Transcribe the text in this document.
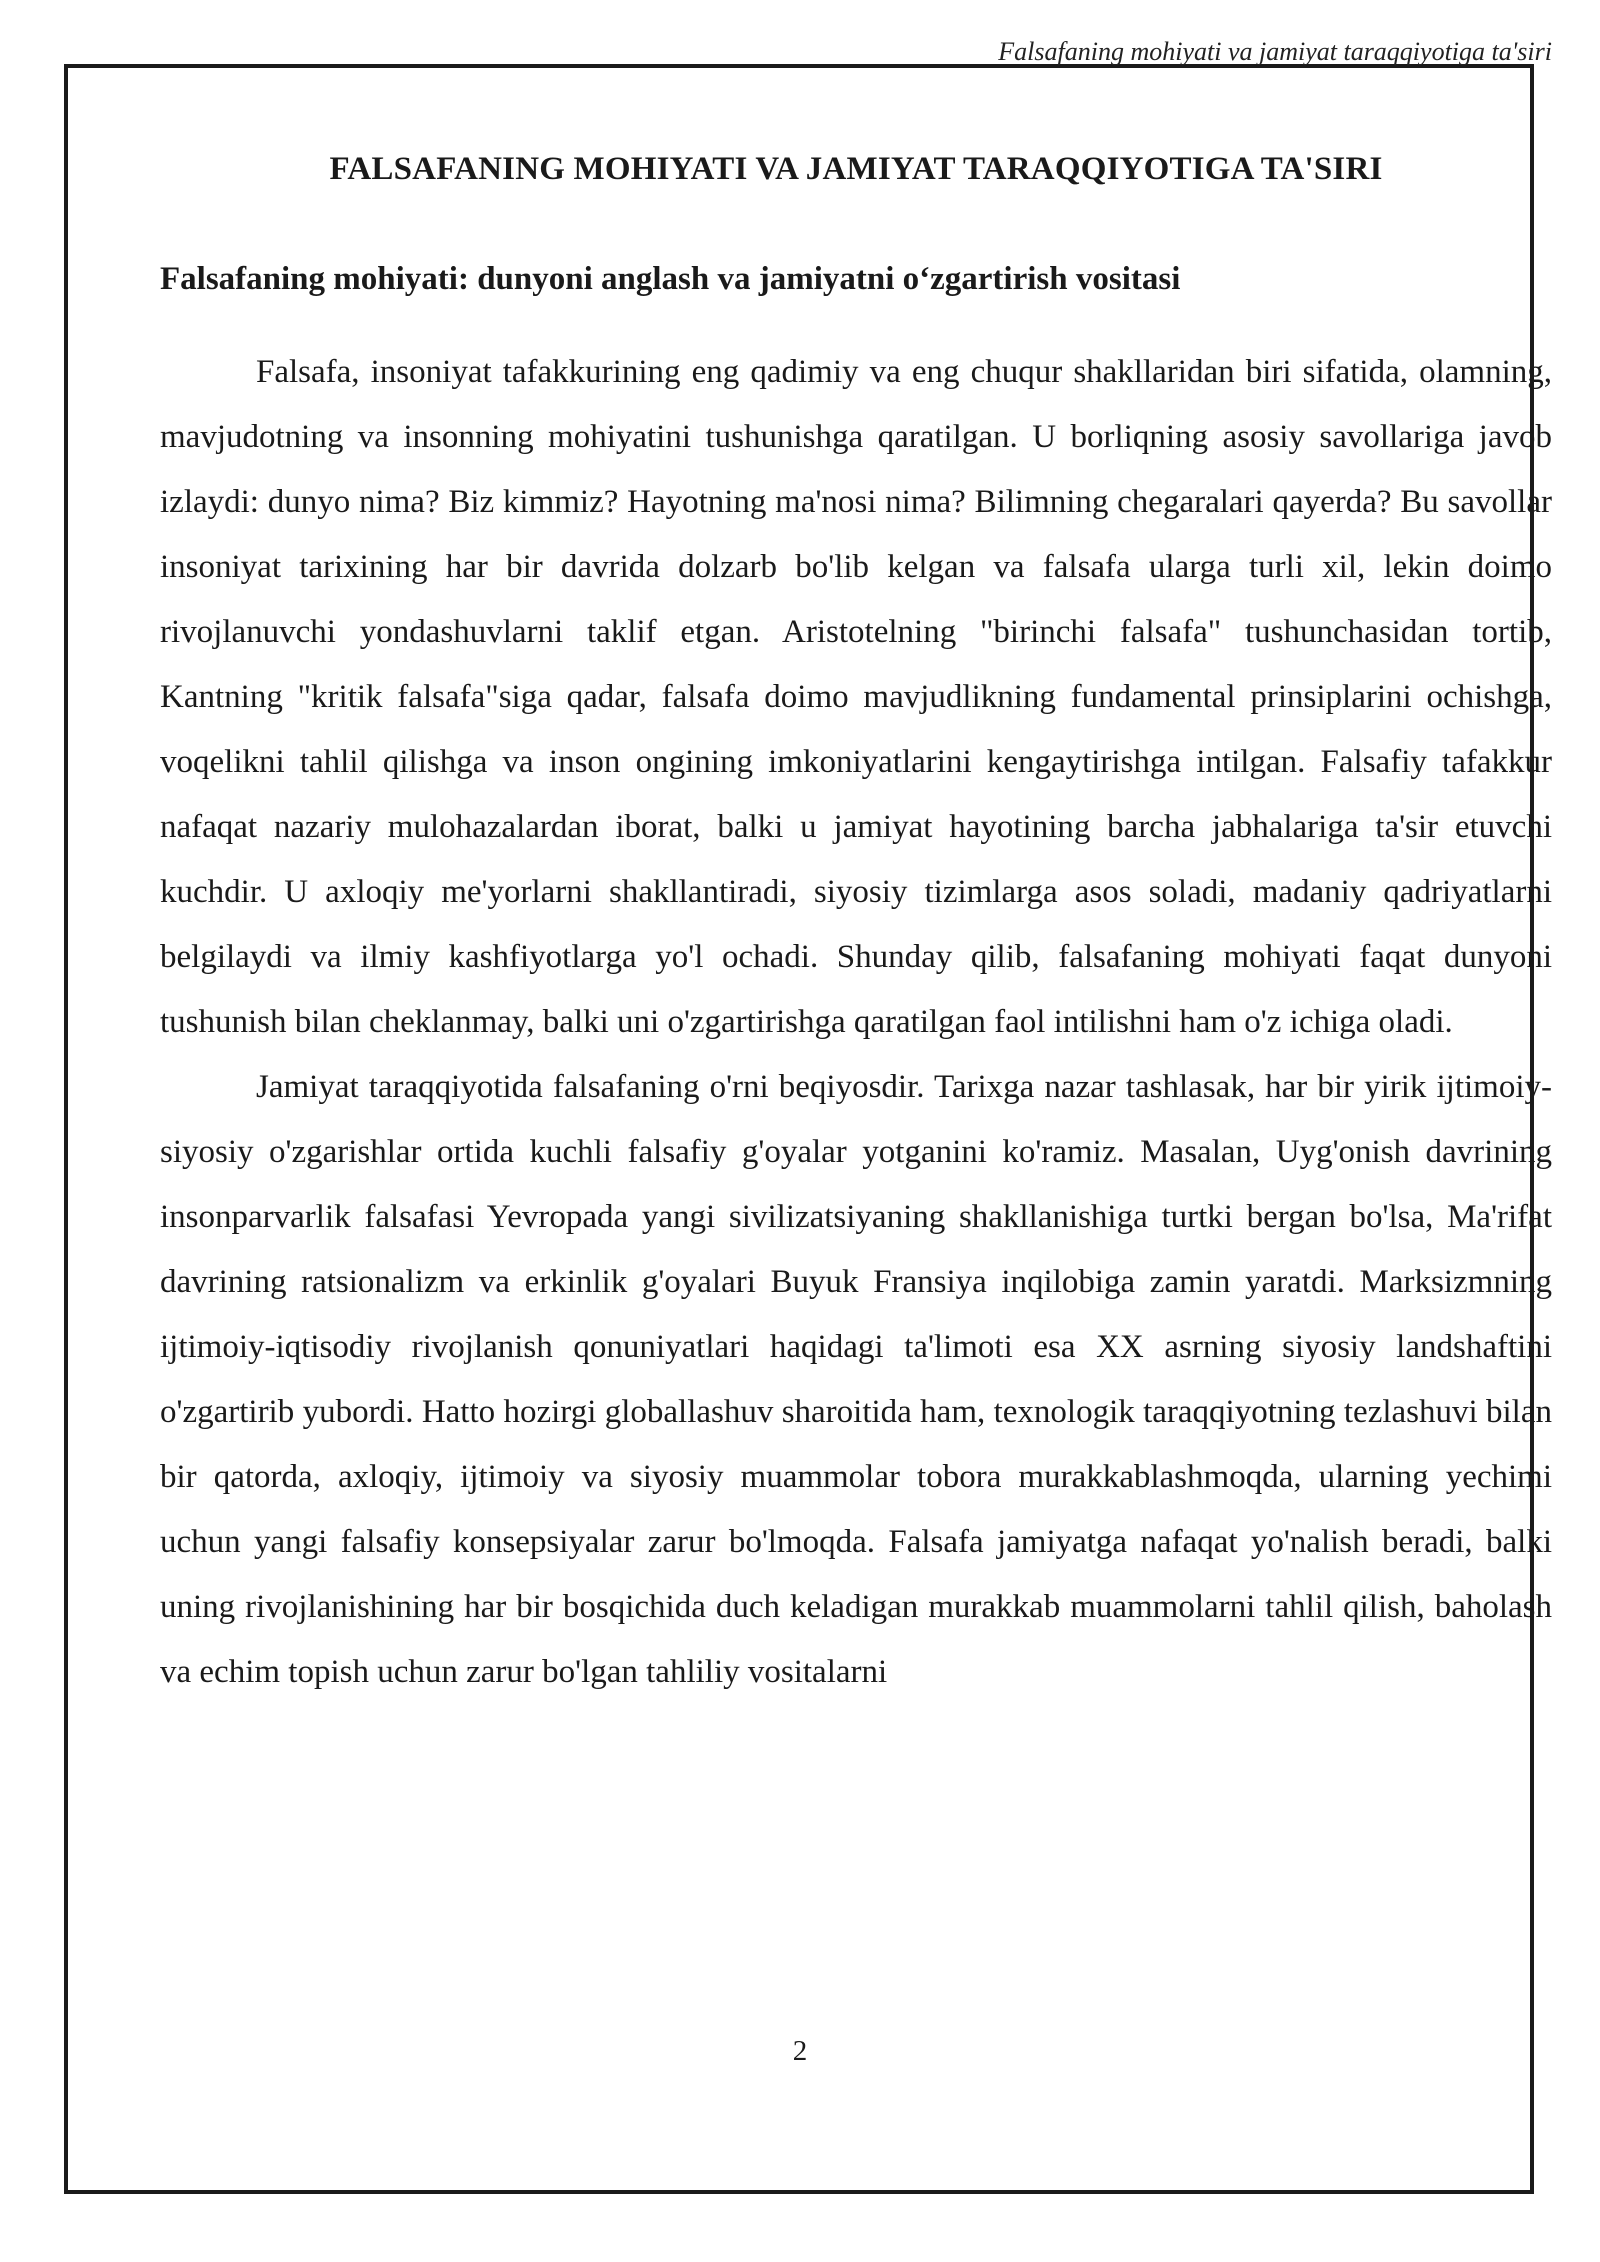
Falsafaning mohiyati va jamiyat taraqqiyotiga ta'siri
FALSAFANING MOHIYATI VA JAMIYAT TARAQQIYOTIGA TA'SIRI
Falsafaning mohiyati: dunyoni anglash va jamiyatni o‘zgartirish vositasi

Falsafa, insoniyat tafakkurining eng qadimiy va eng chuqur shakllaridan biri sifatida, olamning, mavjudotning va insonning mohiyatini tushunishga qaratilgan. U borliqning asosiy savollariga javob izlaydi: dunyo nima? Biz kimmiz? Hayotning ma'nosi nima? Bilimning chegaralari qayerda? Bu savollar insoniyat tarixining har bir davrida dolzarb bo'lib kelgan va falsafa ularga turli xil, lekin doimo rivojlanuvchi yondashuvlarni taklif etgan. Aristotelning "birinchi falsafa" tushunchasidan tortib, Kantning "kritik falsafa"siga qadar, falsafa doimo mavjudlikning fundamental prinsiplarini ochishga, voqelikni tahlil qilishga va inson ongining imkoniyatlarini kengaytirishga intilgan. Falsafiy tafakkur nafaqat nazariy mulohazalardan iborat, balki u jamiyat hayotining barcha jabhalariga ta'sir etuvchi kuchdir. U axloqiy me'yorlarni shakllantiradi, siyosiy tizimlarga asos soladi, madaniy qadriyatlarni belgilaydi va ilmiy kashfiyotlarga yo'l ochadi. Shunday qilib, falsafaning mohiyati faqat dunyoni tushunish bilan cheklanmay, balki uni o'zgartirishga qaratilgan faol intilishni ham o'z ichiga oladi.

Jamiyat taraqqiyotida falsafaning o'rni beqiyosdir. Tarixga nazar tashlasak, har bir yirik ijtimoiy-siyosiy o'zgarishlar ortida kuchli falsafiy g'oyalar yotganini ko'ramiz. Masalan, Uyg'onish davrining insonparvarlik falsafasi Yevropada yangi sivilizatsiyaning shakllanishiga turtki bergan bo'lsa, Ma'rifat davrining ratsionalizm va erkinlik g'oyalari Buyuk Fransiya inqilobiga zamin yaratdi. Marksizmning ijtimoiy-iqtisodiy rivojlanish qonuniyatlari haqidagi ta'limoti esa XX asrning siyosiy landshaftini o'zgartirib yubordi. Hatto hozirgi globallashuv sharoitida ham, texnologik taraqqiyotning tezlashuvi bilan bir qatorda, axloqiy, ijtimoiy va siyosiy muammolar tobora murakkablashmoqda, ularning yechimi uchun yangi falsafiy konsepsiyalar zarur bo'lmoqda. Falsafa jamiyatga nafaqat yo'nalish beradi, balki uning rivojlanishining har bir bosqichida duch keladigan murakkab muammolarni tahlil qilish, baholash va echim topish uchun zarur bo'lgan tahliliy vositalarni

2
